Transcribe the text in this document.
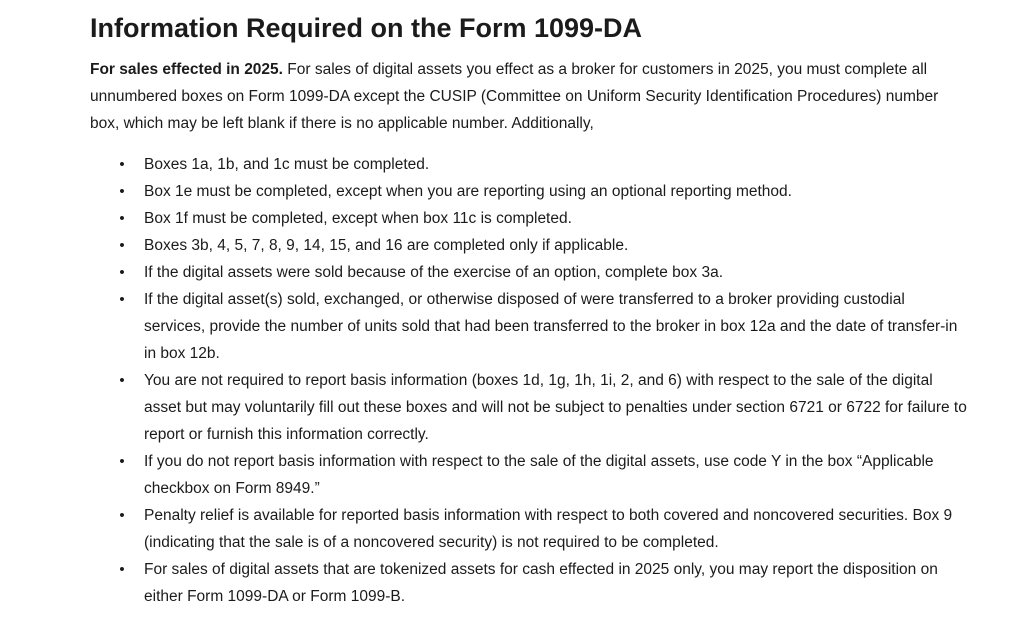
Information Required on the Form 1099-DA

For sales effected in 2025. For sales of digital assets you effect as a broker for customers in 2025, you must complete all unnumbered boxes on Form 1099-DA except the CUSIP (Committee on Uniform Security Identification Procedures) number box, which may be left blank if there is no applicable number. Additionally,

• Boxes 1a, 1b, and 1c must be completed.
• Box 1e must be completed, except when you are reporting using an optional reporting method.
• Box 1f must be completed, except when box 11c is completed.
• Boxes 3b, 4, 5, 7, 8, 9, 14, 15, and 16 are completed only if applicable.
• If the digital assets were sold because of the exercise of an option, complete box 3a.
• If the digital asset(s) sold, exchanged, or otherwise disposed of were transferred to a broker providing custodial services, provide the number of units sold that had been transferred to the broker in box 12a and the date of transfer-in in box 12b.
• You are not required to report basis information (boxes 1d, 1g, 1h, 1i, 2, and 6) with respect to the sale of the digital asset but may voluntarily fill out these boxes and will not be subject to penalties under section 6721 or 6722 for failure to report or furnish this information correctly.
• If you do not report basis information with respect to the sale of the digital assets, use code Y in the box “Applicable checkbox on Form 8949.”
• Penalty relief is available for reported basis information with respect to both covered and noncovered securities. Box 9 (indicating that the sale is of a noncovered security) is not required to be completed.
• For sales of digital assets that are tokenized assets for cash effected in 2025 only, you may report the disposition on either Form 1099-DA or Form 1099-B.
